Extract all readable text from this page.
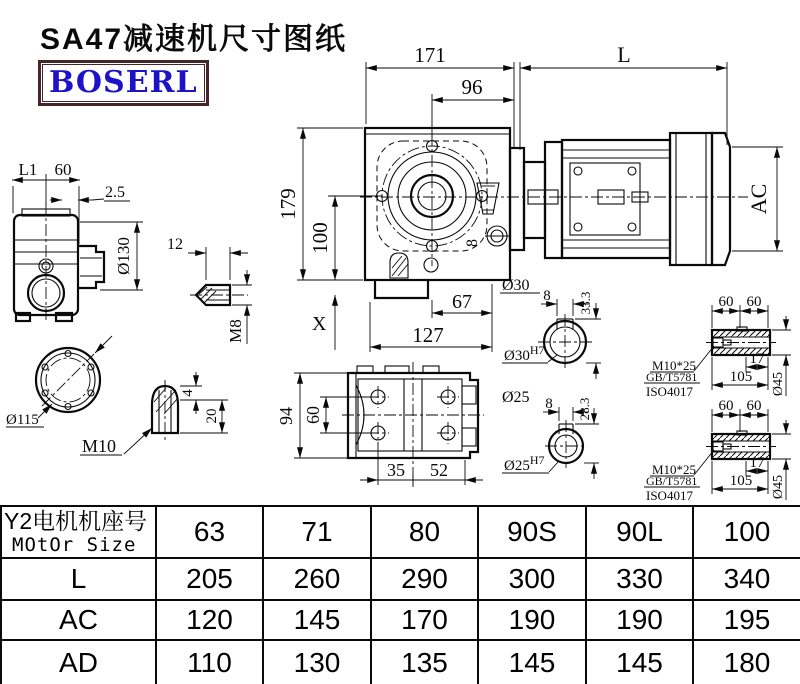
SA47减速机尺寸图纸
BOSERL
8
171
96
L
179
100
AC
X
67
127
Ø30
L1 60
2.5
Ø130
Ø115
4
20
M10
12
M8
94 60
35 52
8 33.3
$Ø30^{H7}$
Ø25 8 28.3
$Ø25^{H7}$
60 60
17
105 Ø45
M10*25
GB/T5781
ISO4017
60 60
17
105 Ø45
M10*25
GB/T5781
ISO4017
Y2电机机座号
MOtOr Size	63	71	80	90S	90L	100
L	205	260	290	300	330	340
AC	120	145	170	190	190	195
AD	110	130	135	145	145	180
